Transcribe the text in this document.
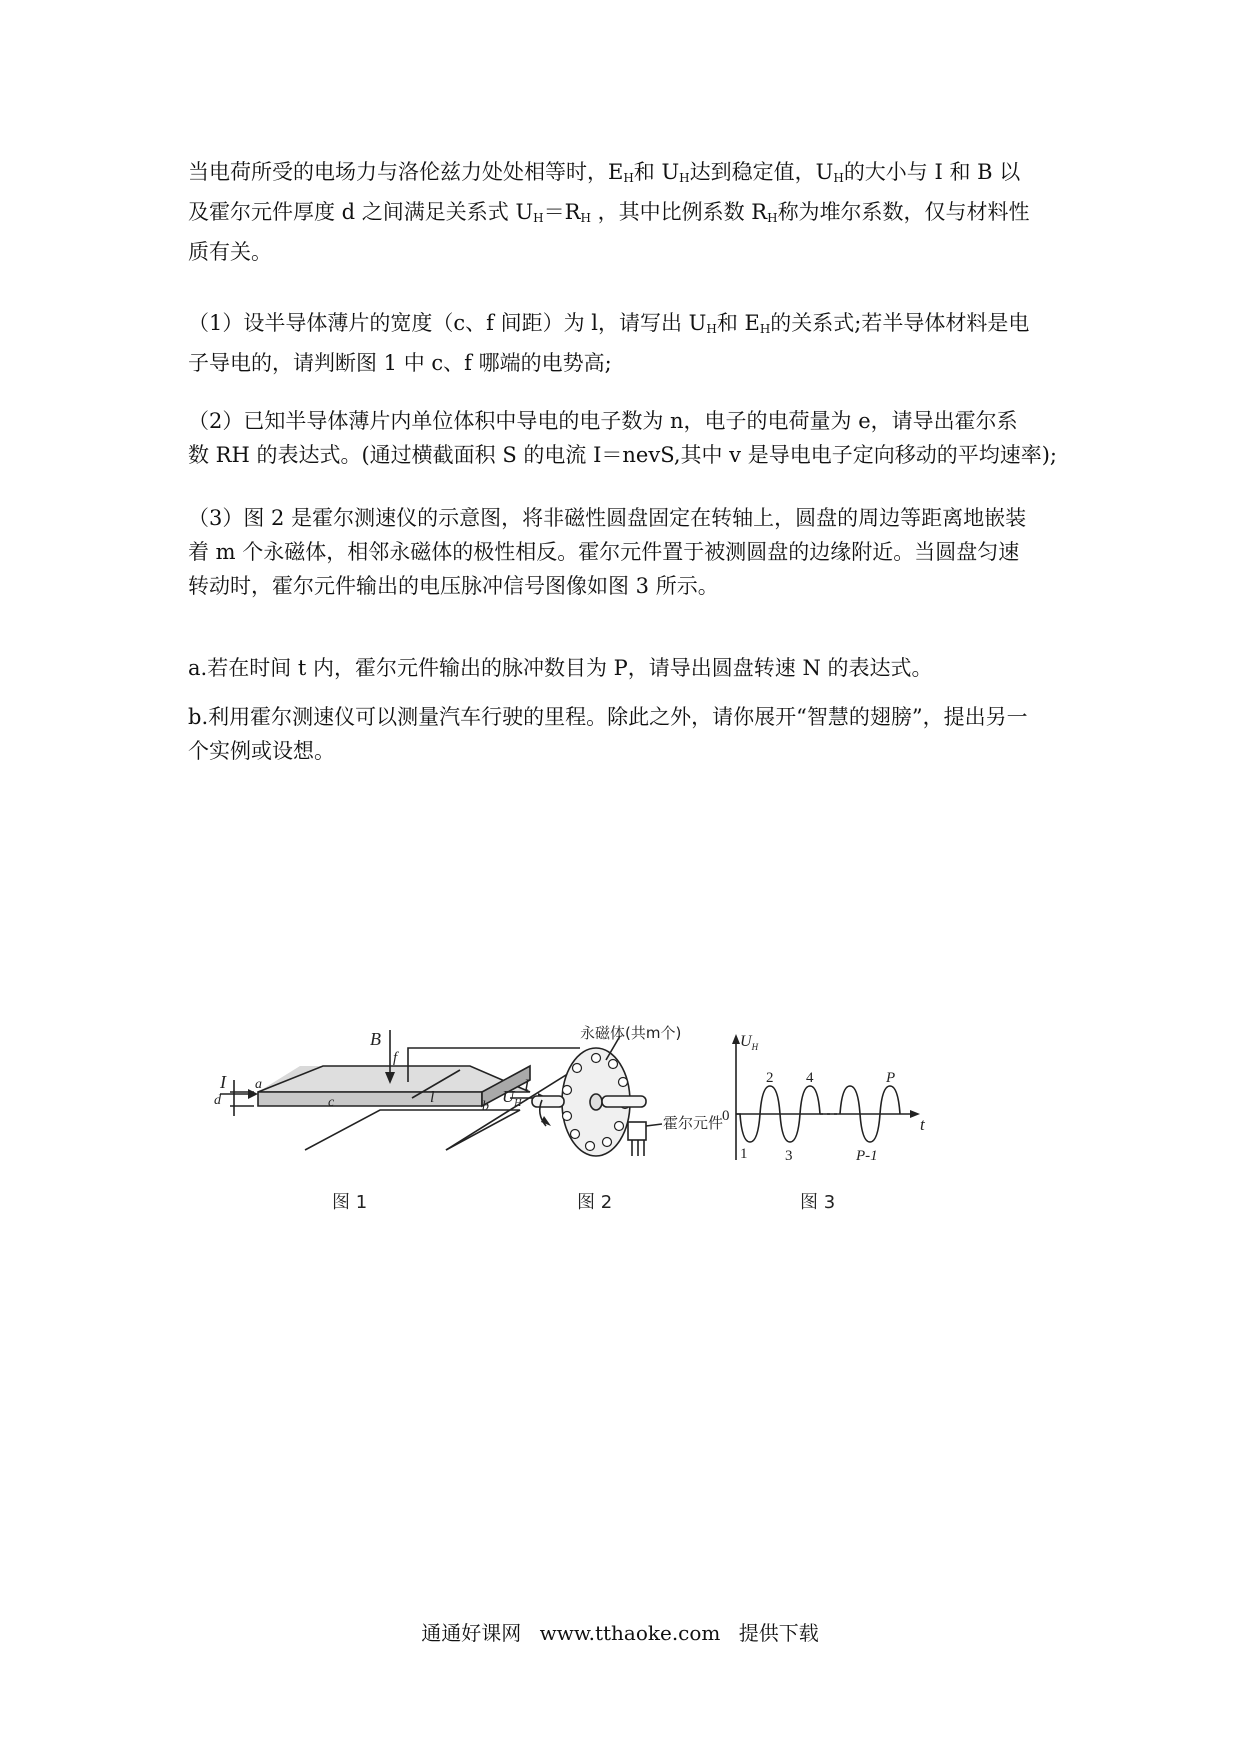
当电荷所受的电场力与洛伦兹力处处相等时，$E_H$和 $U_H$达到稳定值，$U_H$的大小与 I 和 B 以
及霍尔元件厚度 d 之间满足关系式 $U_H=R_H$ ，其中比例系数 $R_H$称为堆尔系数，仅与材料性
质有关。
（1）设半导体薄片的宽度（c、f 间距）为 l，请写出 $U_H$和 $E_H$的关系式;若半导体材料是电
子导电的，请判断图 1 中 c、f 哪端的电势高;
（2）已知半导体薄片内单位体积中导电的电子数为 n，电子的电荷量为 e，请导出霍尔系
数 RH 的表达式。(通过横截面积 S 的电流 I＝nevS,其中 v 是导电电子定向移动的平均速率);
（3）图 2 是霍尔测速仪的示意图，将非磁性圆盘固定在转轴上，圆盘的周边等距离地嵌装
着 m 个永磁体，相邻永磁体的极性相反。霍尔元件置于被测圆盘的边缘附近。当圆盘匀速
转动时，霍尔元件输出的电压脉冲信号图像如图 3 所示。
a.若在时间 t 内，霍尔元件输出的脉冲数目为 P，请导出圆盘转速 N 的表达式。
b.利用霍尔测速仪可以测量汽车行驶的里程。除此之外，请你展开“智慧的翅膀”，提出另一
个实例或设想。
B
I a
f
l
b
I
c	$U_H$
d
图 1
永磁体(共m个)
霍尔元件
图 2
$U_H$
t
0
2 4	P
1	3	P-1
图 3
通通好课网 www.tthaoke.com 提供下载
